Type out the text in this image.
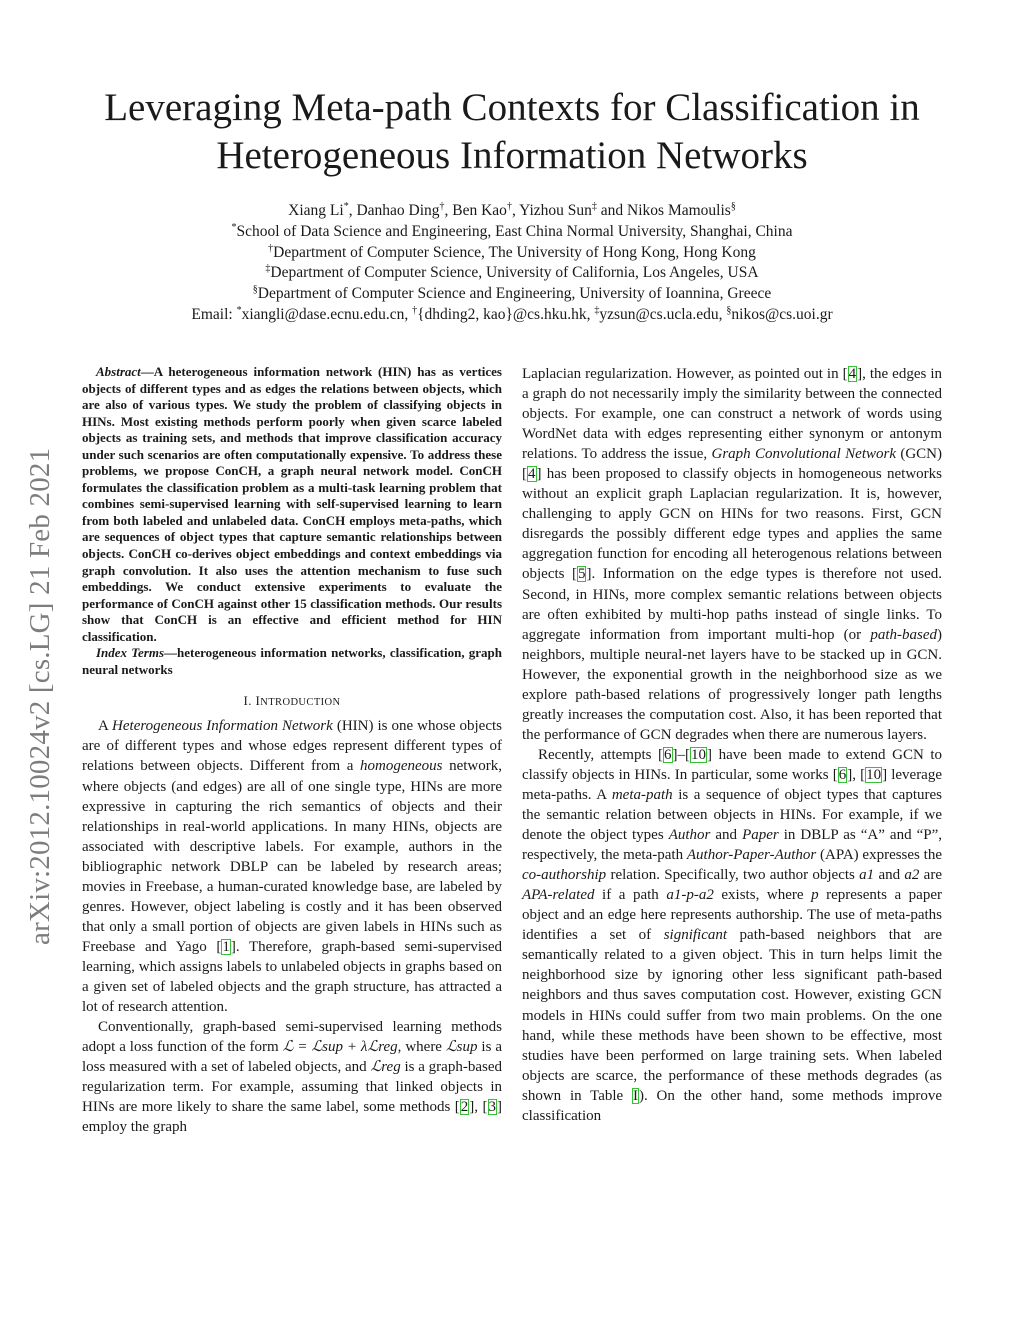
Leveraging Meta-path Contexts for Classification in
Heterogeneous Information Networks
Xiang Li*, Danhao Ding†, Ben Kao†, Yizhou Sun‡ and Nikos Mamoulis§
*School of Data Science and Engineering, East China Normal University, Shanghai, China
†Department of Computer Science, The University of Hong Kong, Hong Kong
‡Department of Computer Science, University of California, Los Angeles, USA
§Department of Computer Science and Engineering, University of Ioannina, Greece
Email: *xiangli@dase.ecnu.edu.cn, †{dhding2, kao}@cs.hku.hk, ‡yzsun@cs.ucla.edu, §nikos@cs.uoi.gr
arXiv:2012.10024v2 [cs.LG] 21 Feb 2021

Abstract—A heterogeneous information network (HIN) has as vertices objects of different types and as edges the relations between objects, which are also of various types. We study the problem of classifying objects in HINs. Most existing methods perform poorly when given scarce labeled objects as training sets, and methods that improve classification accuracy under such scenarios are often computationally expensive. To address these problems, we propose ConCH, a graph neural network model. ConCH formulates the classification problem as a multi-task learning problem that combines semi-supervised learning with self-supervised learning to learn from both labeled and unlabeled data. ConCH employs meta-paths, which are sequences of object types that capture semantic relationships between objects. ConCH co-derives object embeddings and context embeddings via graph convolution. It also uses the attention mechanism to fuse such embeddings. We conduct extensive experiments to evaluate the performance of ConCH against other 15 classification methods. Our results show that ConCH is an effective and efficient method for HIN classification.

Index Terms—heterogeneous information networks, classification, graph neural networks

I. INTRODUCTION

A Heterogeneous Information Network (HIN) is one whose objects are of different types and whose edges represent different types of relations between objects. Different from a homogeneous network, where objects (and edges) are all of one single type, HINs are more expressive in capturing the rich semantics of objects and their relationships in real-world applications. In many HINs, objects are associated with descriptive labels. For example, authors in the bibliographic network DBLP can be labeled by research areas; movies in Freebase, a human-curated knowledge base, are labeled by genres. However, object labeling is costly and it has been observed that only a small portion of objects are given labels in HINs such as Freebase and Yago [1]. Therefore, graph-based semi-supervised learning, which assigns labels to unlabeled objects in graphs based on a given set of labeled objects and the graph structure, has attracted a lot of research attention.

Conventionally, graph-based semi-supervised learning methods adopt a loss function of the form ℒ = ℒsup + λℒreg, where ℒsup is a loss measured with a set of labeled objects, and ℒreg is a graph-based regularization term. For example, assuming that linked objects in HINs are more likely to share the same label, some methods [2], [3] employ the graph

Laplacian regularization. However, as pointed out in [4], the edges in a graph do not necessarily imply the similarity between the connected objects. For example, one can construct a network of words using WordNet data with edges representing either synonym or antonym relations. To address the issue, Graph Convolutional Network (GCN) [4] has been proposed to classify objects in homogeneous networks without an explicit graph Laplacian regularization. It is, however, challenging to apply GCN on HINs for two reasons. First, GCN disregards the possibly different edge types and applies the same aggregation function for encoding all heterogenous relations between objects [5]. Information on the edge types is therefore not used. Second, in HINs, more complex semantic relations between objects are often exhibited by multi-hop paths instead of single links. To aggregate information from important multi-hop (or path-based) neighbors, multiple neural-net layers have to be stacked up in GCN. However, the exponential growth in the neighborhood size as we explore path-based relations of progressively longer path lengths greatly increases the computation cost. Also, it has been reported that the performance of GCN degrades when there are numerous layers.

Recently, attempts [6]–[10] have been made to extend GCN to classify objects in HINs. In particular, some works [6], [10] leverage meta-paths. A meta-path is a sequence of object types that captures the semantic relation between objects in HINs. For example, if we denote the object types Author and Paper in DBLP as “A” and “P”, respectively, the meta-path Author-Paper-Author (APA) expresses the co-authorship relation. Specifically, two author objects a1 and a2 are APA-related if a path a1-p-a2 exists, where p represents a paper object and an edge here represents authorship. The use of meta-paths identifies a set of significant path-based neighbors that are semantically related to a given object. This in turn helps limit the neighborhood size by ignoring other less significant path-based neighbors and thus saves computation cost. However, existing GCN models in HINs could suffer from two main problems. On the one hand, while these methods have been shown to be effective, most studies have been performed on large training sets. When labeled objects are scarce, the performance of these methods degrades (as shown in Table I). On the other hand, some methods improve classification
